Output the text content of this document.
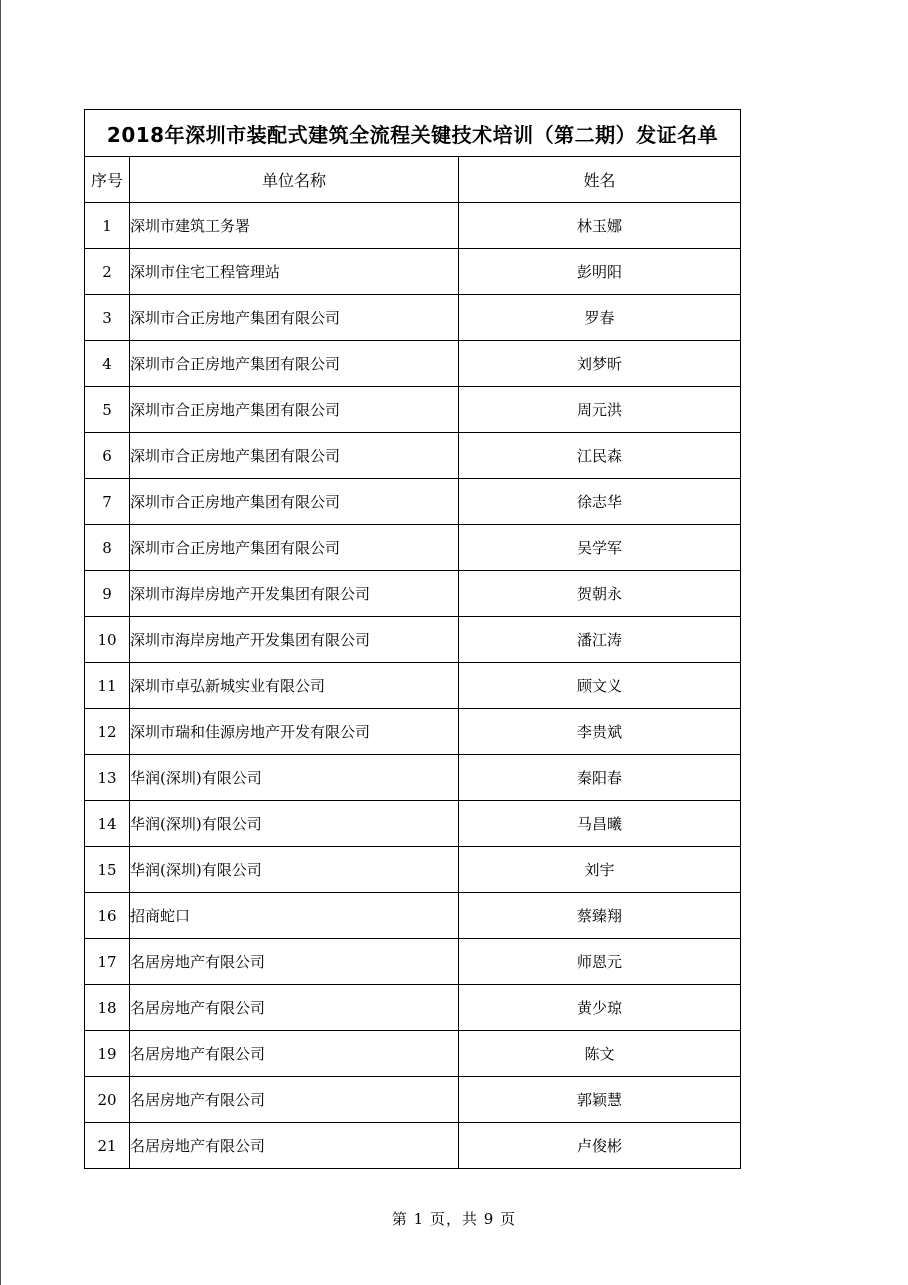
2018年深圳市装配式建筑全流程关键技术培训（第二期）发证名单		
序号	单位名称	姓名
1	深圳市建筑工务署	林玉娜
2	深圳市住宅工程管理站	彭明阳
3	深圳市合正房地产集团有限公司	罗春
4	深圳市合正房地产集团有限公司	刘梦昕
5	深圳市合正房地产集团有限公司	周元洪
6	深圳市合正房地产集团有限公司	江民森
7	深圳市合正房地产集团有限公司	徐志华
8	深圳市合正房地产集团有限公司	吴学军
9	深圳市海岸房地产开发集团有限公司	贺朝永
10	深圳市海岸房地产开发集团有限公司	潘江涛
11	深圳市卓弘新城实业有限公司	顾文义
12	深圳市瑞和佳源房地产开发有限公司	李贵斌
13	华润(深圳)有限公司	秦阳春
14	华润(深圳)有限公司	马昌曦
15	华润(深圳)有限公司	刘宇
16	招商蛇口	蔡臻翔
17	名居房地产有限公司	师恩元
18	名居房地产有限公司	黄少琼
19	名居房地产有限公司	陈文
20	名居房地产有限公司	郭颖慧
21	名居房地产有限公司	卢俊彬
第 1 页，共 9 页
